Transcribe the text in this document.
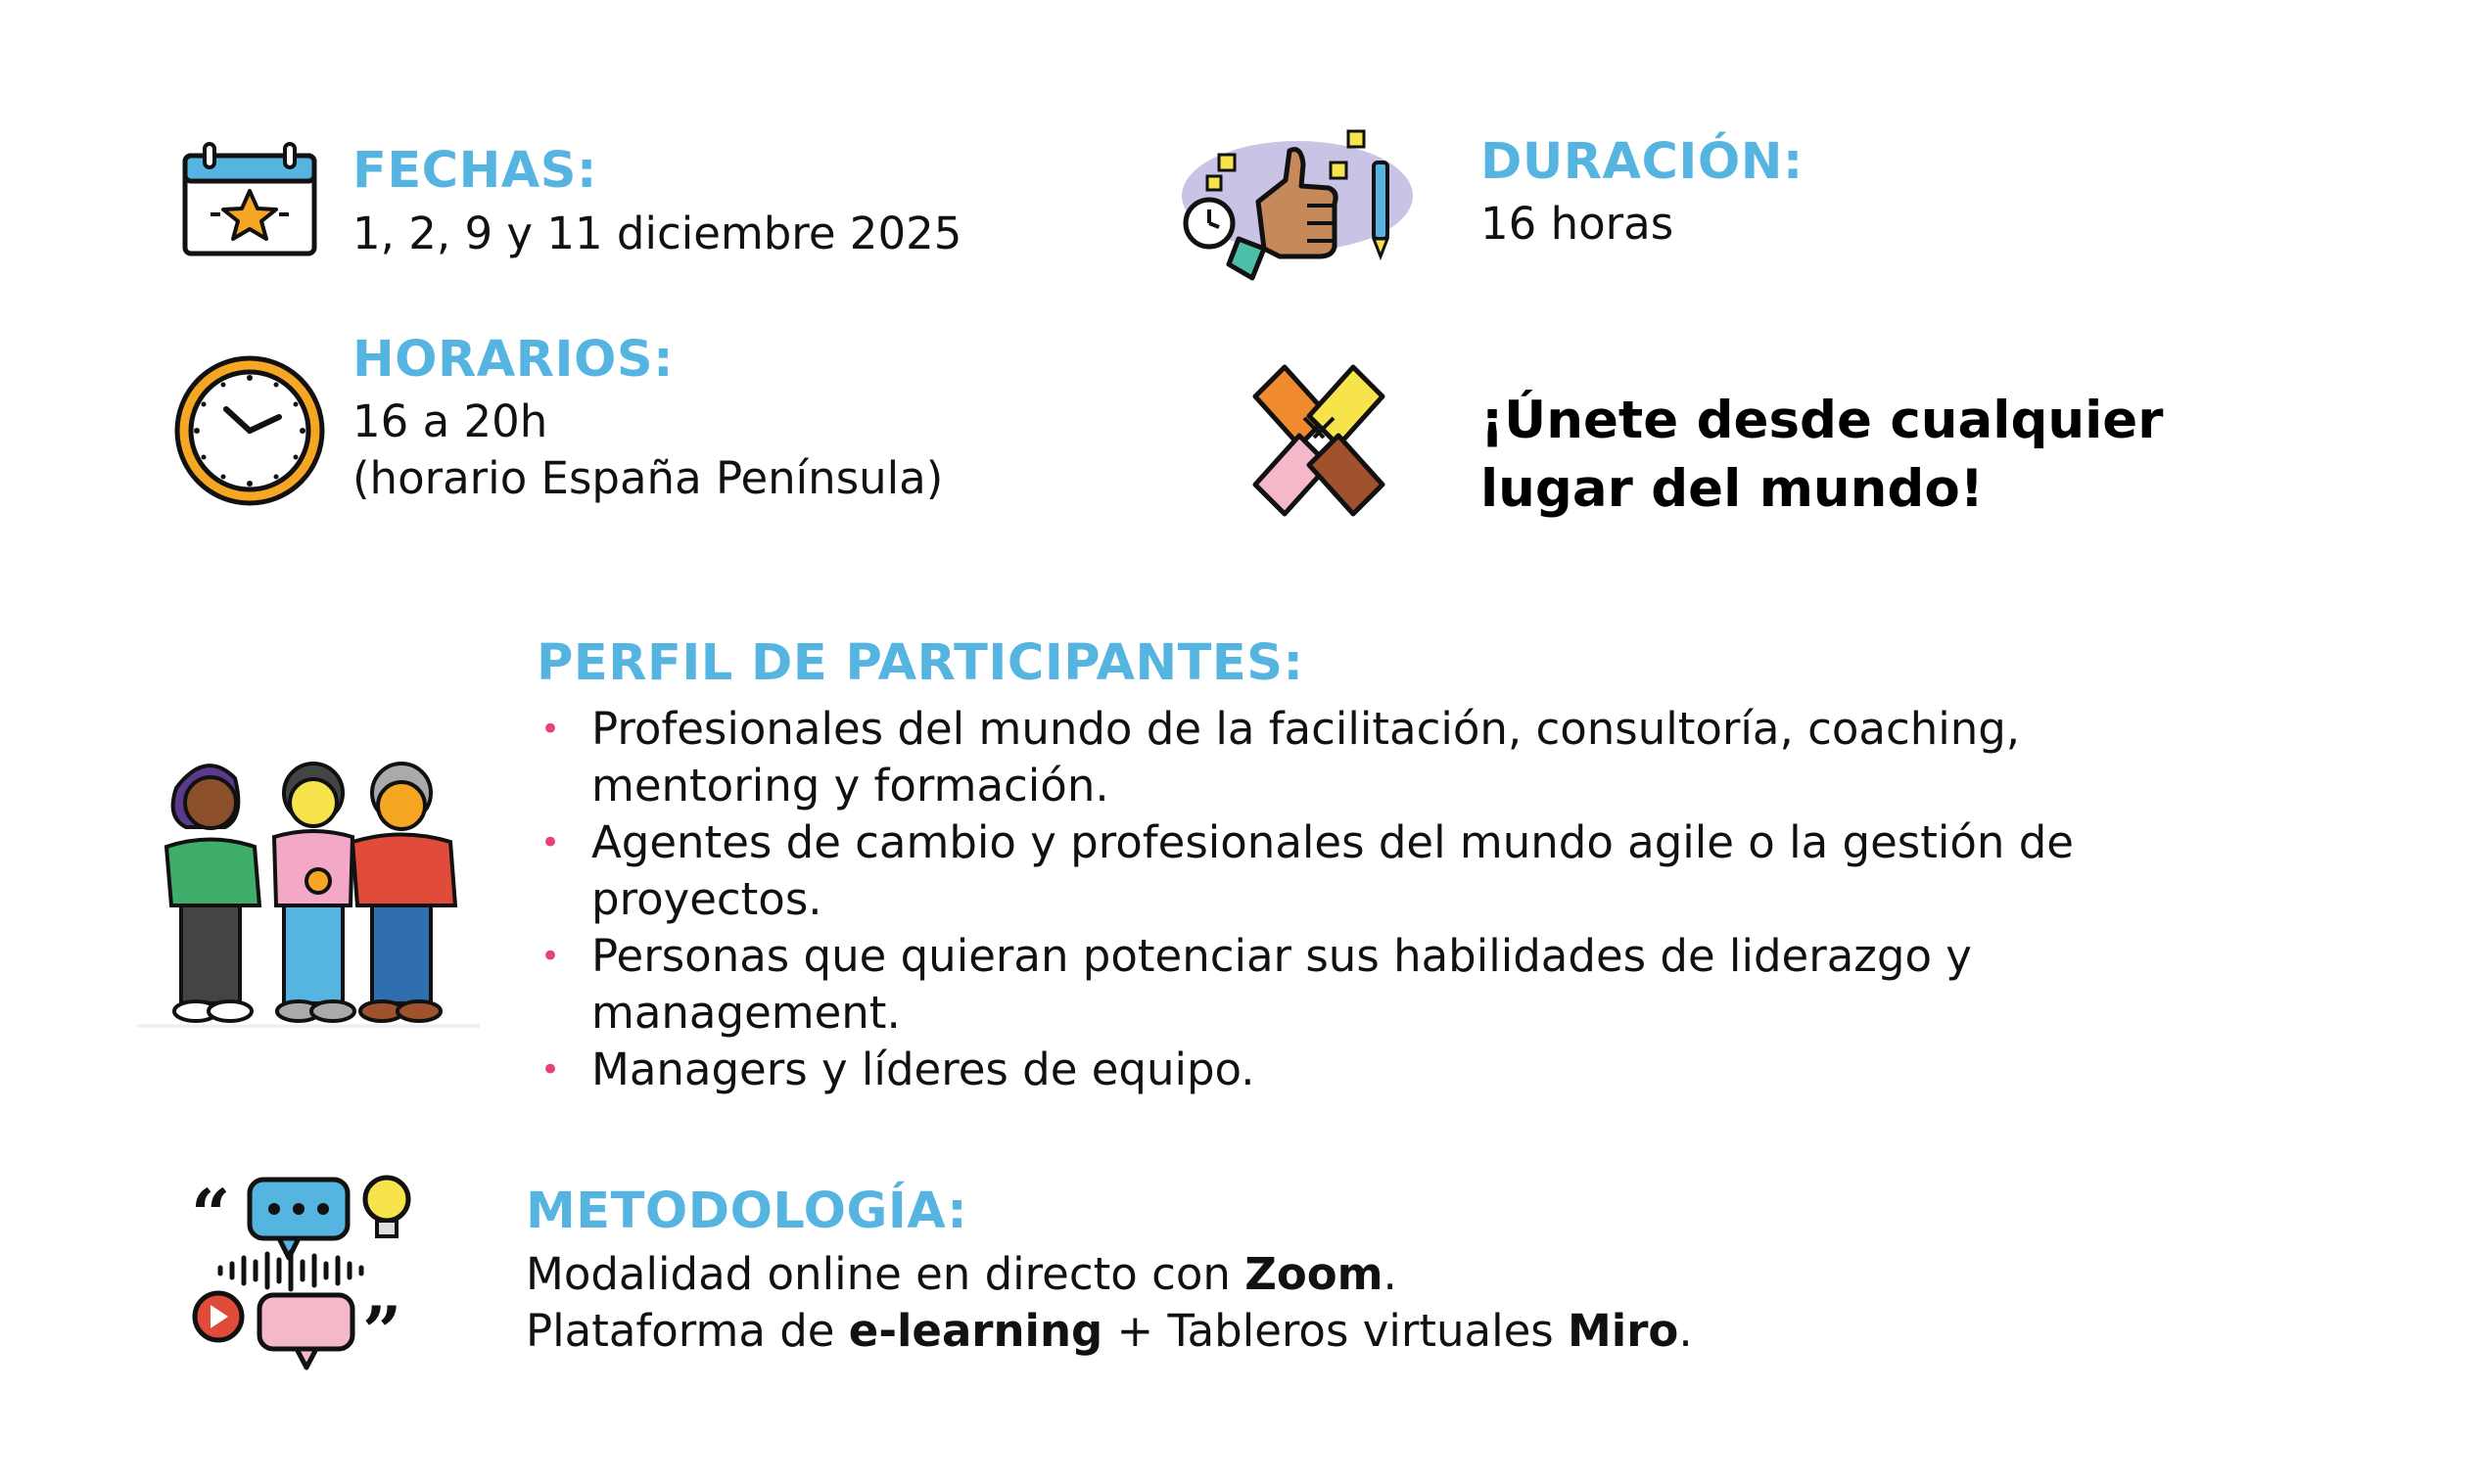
FECHAS:
1, 2, 9 y 11 diciembre 2025
DURACIÓN:
16 horas
HORARIOS:
16 a 20h
(horario España Península)
¡Únete desde cualquier
lugar del mundo!
PERFIL DE PARTICIPANTES:
• Profesionales del mundo de la facilitación, consultoría, coaching,
mentoring y formación.
• Agentes de cambio y profesionales del mundo agile o la gestión de
proyectos.
• Personas que quieran potenciar sus habilidades de liderazgo y
management.
• Managers y líderes de equipo.
“
”
METODOLOGÍA:
Modalidad online en directo con Zoom.
Plataforma de e-learning + Tableros virtuales Miro.
